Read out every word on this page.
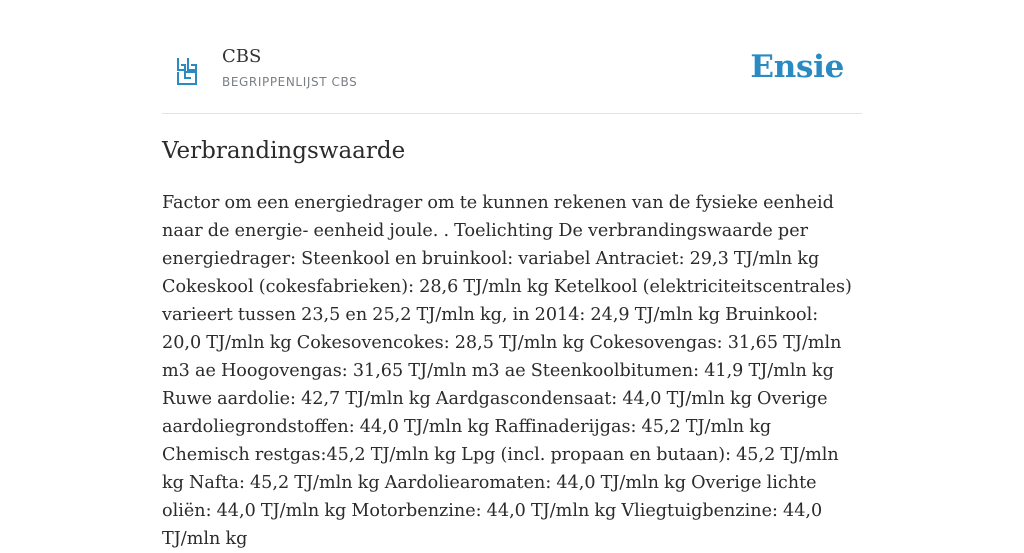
CBS
BEGRIPPENLIJST CBS	Ensie
Verbrandingswaarde

Factor om een energiedrager om te kunnen rekenen van de fysieke eenheid naar de energie- eenheid joule. . Toelichting De verbrandingswaarde per energiedrager: Steenkool en bruinkool: variabel Antraciet: 29,3 TJ/mln kg Cokeskool (cokesfabrieken): 28,6 TJ/mln kg Ketelkool (elektriciteitscentrales) varieert tussen 23,5 en 25,2 TJ/mln kg, in 2014: 24,9 TJ/mln kg Bruinkool: 20,0 TJ/mln kg Cokesovencokes: 28,5 TJ/mln kg Cokesovengas: 31,65 TJ/mln m3 ae Hoogovengas: 31,65 TJ/mln m3 ae Steenkoolbitumen: 41,9 TJ/mln kg Ruwe aardolie: 42,7 TJ/mln kg Aardgascondensaat: 44,0 TJ/mln kg Overige aardoliegrondstoffen: 44,0 TJ/mln kg Raffinaderijgas: 45,2 TJ/mln kg Chemisch restgas:45,2 TJ/mln kg Lpg (incl. propaan en butaan): 45,2 TJ/mln kg Nafta: 45,2 TJ/mln kg Aardoliearomaten: 44,0 TJ/mln kg Overige lichte oliën: 44,0 TJ/mln kg Motorbenzine: 44,0 TJ/mln kg Vliegtuigbenzine: 44,0 TJ/mln kg
